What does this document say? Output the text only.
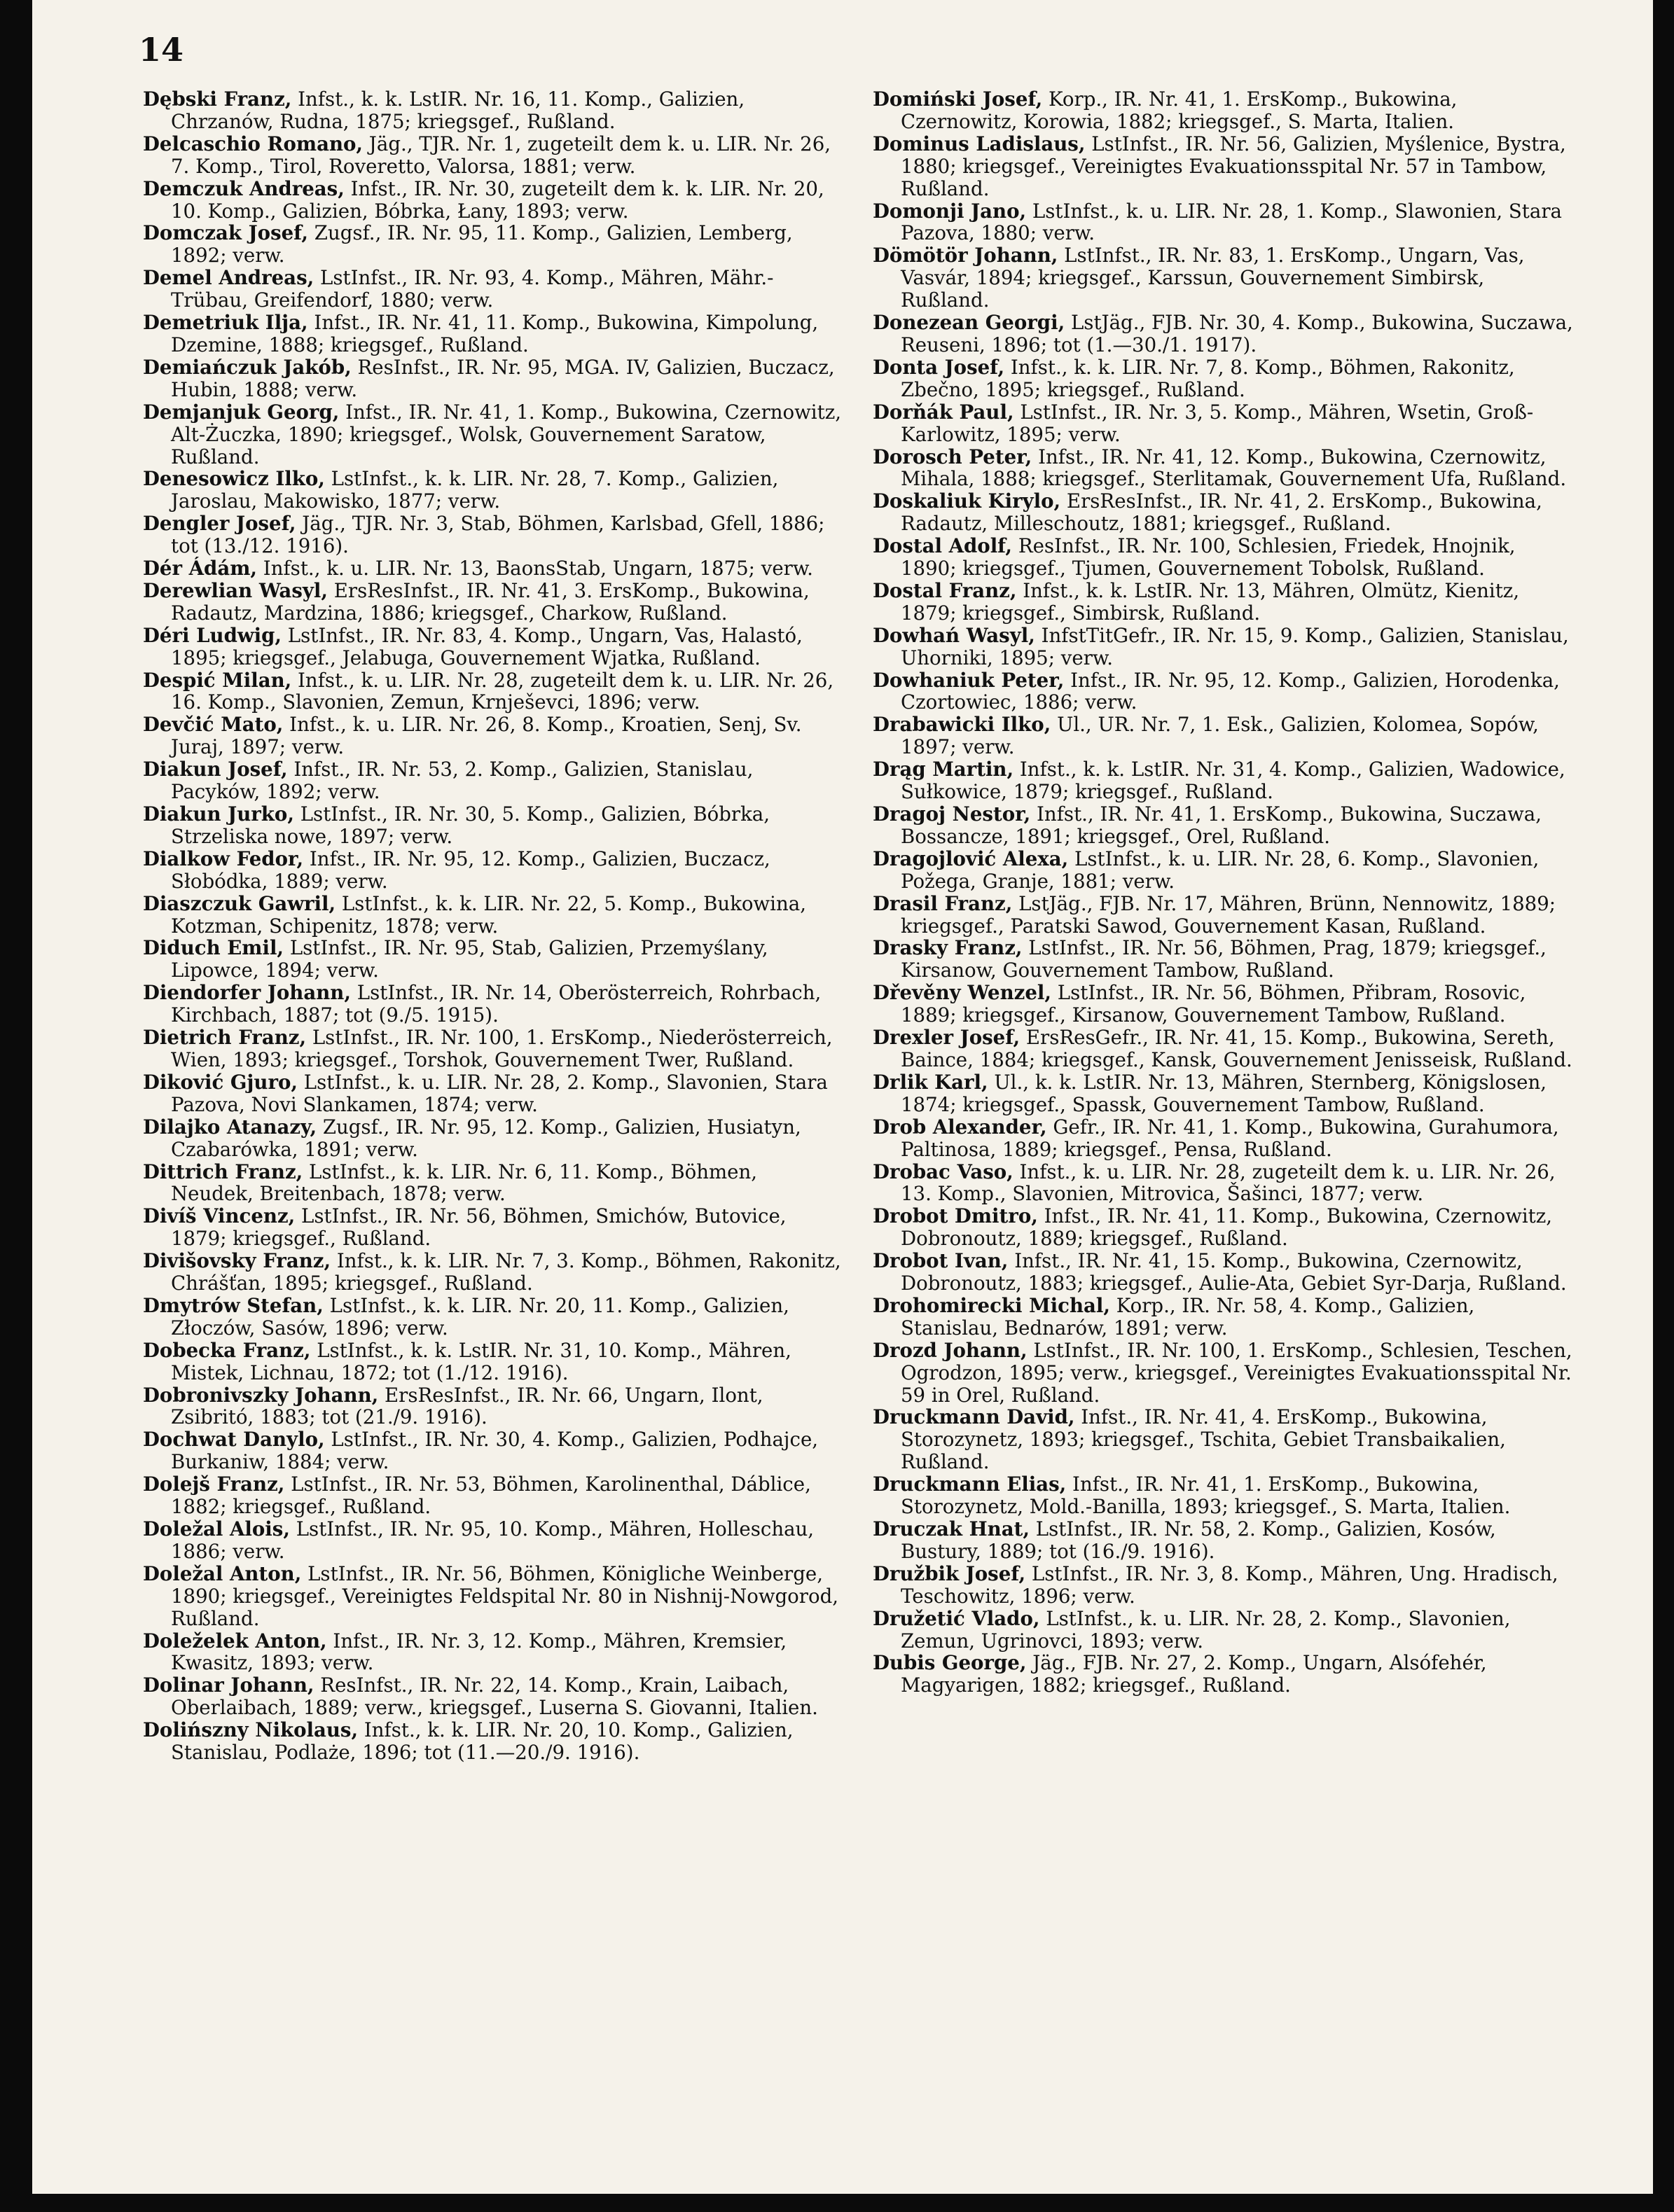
14

Dębski Franz, Infst., k. k. LstIR. Nr. 16, 11. Komp., Galizien, Chrzanów, Rudna, 1875; kriegsgef., Rußland.

Delcaschio Romano, Jäg., TJR. Nr. 1, zugeteilt dem k. u. LIR. Nr. 26, 7. Komp., Tirol, Roveretto, Valorsa, 1881; verw.

Demczuk Andreas, Infst., IR. Nr. 30, zugeteilt dem k. k. LIR. Nr. 20, 10. Komp., Galizien, Bóbrka, Łany, 1893; verw.

Domczak Josef, Zugsf., IR. Nr. 95, 11. Komp., Galizien, Lemberg, 1892; verw.

Demel Andreas, LstInfst., IR. Nr. 93, 4. Komp., Mähren, Mähr.-Trübau, Greifendorf, 1880; verw.

Demetriuk Ilja, Infst., IR. Nr. 41, 11. Komp., Bukowina, Kimpolung, Dzemine, 1888; kriegsgef., Rußland.

Demiańczuk Jakób, ResInfst., IR. Nr. 95, MGA. IV, Galizien, Buczacz, Hubin, 1888; verw.

Demjanjuk Georg, Infst., IR. Nr. 41, 1. Komp., Bukowina, Czernowitz, Alt-Żuczka, 1890; kriegsgef., Wolsk, Gouvernement Saratow, Rußland.

Denesowicz Ilko, LstInfst., k. k. LIR. Nr. 28, 7. Komp., Galizien, Jaroslau, Makowisko, 1877; verw.

Dengler Josef, Jäg., TJR. Nr. 3, Stab, Böhmen, Karlsbad, Gfell, 1886; tot (13./12. 1916).

Dér Ádám, Infst., k. u. LIR. Nr. 13, BaonsStab, Ungarn, 1875; verw.

Derewlian Wasyl, ErsResInfst., IR. Nr. 41, 3. ErsKomp., Bukowina, Radautz, Mardzina, 1886; kriegsgef., Charkow, Rußland.

Déri Ludwig, LstInfst., IR. Nr. 83, 4. Komp., Ungarn, Vas, Halastó, 1895; kriegsgef., Jelabuga, Gouvernement Wjatka, Rußland.

Despić Milan, Infst., k. u. LIR. Nr. 28, zugeteilt dem k. u. LIR. Nr. 26, 16. Komp., Slavonien, Zemun, Krnješevci, 1896; verw.

Devčić Mato, Infst., k. u. LIR. Nr. 26, 8. Komp., Kroatien, Senj, Sv. Juraj, 1897; verw.

Diakun Josef, Infst., IR. Nr. 53, 2. Komp., Galizien, Stanislau, Pacyków, 1892; verw.

Diakun Jurko, LstInfst., IR. Nr. 30, 5. Komp., Galizien, Bóbrka, Strzeliska nowe, 1897; verw.

Dialkow Fedor, Infst., IR. Nr. 95, 12. Komp., Galizien, Buczacz, Słobódka, 1889; verw.

Diaszczuk Gawril, LstInfst., k. k. LIR. Nr. 22, 5. Komp., Bukowina, Kotzman, Schipenitz, 1878; verw.

Diduch Emil, LstInfst., IR. Nr. 95, Stab, Galizien, Przemyślany, Lipowce, 1894; verw.

Diendorfer Johann, LstInfst., IR. Nr. 14, Oberösterreich, Rohrbach, Kirchbach, 1887; tot (9./5. 1915).

Dietrich Franz, LstInfst., IR. Nr. 100, 1. ErsKomp., Niederösterreich, Wien, 1893; kriegsgef., Torshok, Gouvernement Twer, Rußland.

Diković Gjuro, LstInfst., k. u. LIR. Nr. 28, 2. Komp., Slavonien, Stara Pazova, Novi Slankamen, 1874; verw.

Dilajko Atanazy, Zugsf., IR. Nr. 95, 12. Komp., Galizien, Husiatyn, Czabarówka, 1891; verw.

Dittrich Franz, LstInfst., k. k. LIR. Nr. 6, 11. Komp., Böhmen, Neudek, Breitenbach, 1878; verw.

Divíš Vincenz, LstInfst., IR. Nr. 56, Böhmen, Smichów, Butovice, 1879; kriegsgef., Rußland.

Divišovsky Franz, Infst., k. k. LIR. Nr. 7, 3. Komp., Böhmen, Rakonitz, Chrášťan, 1895; kriegsgef., Rußland.

Dmytrów Stefan, LstInfst., k. k. LIR. Nr. 20, 11. Komp., Galizien, Złoczów, Sasów, 1896; verw.

Dobecka Franz, LstInfst., k. k. LstIR. Nr. 31, 10. Komp., Mähren, Mistek, Lichnau, 1872; tot (1./12. 1916).

Dobronivszky Johann, ErsResInfst., IR. Nr. 66, Ungarn, Ilont, Zsibritó, 1883; tot (21./9. 1916).

Dochwat Danylo, LstInfst., IR. Nr. 30, 4. Komp., Galizien, Podhajce, Burkaniw, 1884; verw.

Dolejš Franz, LstInfst., IR. Nr. 53, Böhmen, Karolinenthal, Dáblice, 1882; kriegsgef., Rußland.

Doležal Alois, LstInfst., IR. Nr. 95, 10. Komp., Mähren, Holleschau, 1886; verw.

Doležal Anton, LstInfst., IR. Nr. 56, Böhmen, Königliche Weinberge, 1890; kriegsgef., Vereinigtes Feldspital Nr. 80 in Nishnij-Nowgorod, Rußland.

Doleželek Anton, Infst., IR. Nr. 3, 12. Komp., Mähren, Kremsier, Kwasitz, 1893; verw.

Dolinar Johann, ResInfst., IR. Nr. 22, 14. Komp., Krain, Laibach, Oberlaibach, 1889; verw., kriegsgef., Luserna S. Giovanni, Italien.

Dolińszny Nikolaus, Infst., k. k. LIR. Nr. 20, 10. Komp., Galizien, Stanislau, Podlaże, 1896; tot (11.—20./9. 1916).

Domiński Josef, Korp., IR. Nr. 41, 1. ErsKomp., Bukowina, Czernowitz, Korowia, 1882; kriegsgef., S. Marta, Italien.

Dominus Ladislaus, LstInfst., IR. Nr. 56, Galizien, Myślenice, Bystra, 1880; kriegsgef., Vereinigtes Evakuationsspital Nr. 57 in Tambow, Rußland.

Domonji Jano, LstInfst., k. u. LIR. Nr. 28, 1. Komp., Slawonien, Stara Pazova, 1880; verw.

Dömötör Johann, LstInfst., IR. Nr. 83, 1. ErsKomp., Ungarn, Vas, Vasvár, 1894; kriegsgef., Karssun, Gouvernement Simbirsk, Rußland.

Donezean Georgi, LstJäg., FJB. Nr. 30, 4. Komp., Bukowina, Suczawa, Reuseni, 1896; tot (1.—30./1. 1917).

Donta Josef, Infst., k. k. LIR. Nr. 7, 8. Komp., Böhmen, Rakonitz, Zbečno, 1895; kriegsgef., Rußland.

Dorňák Paul, LstInfst., IR. Nr. 3, 5. Komp., Mähren, Wsetin, Groß-Karlowitz, 1895; verw.

Dorosch Peter, Infst., IR. Nr. 41, 12. Komp., Bukowina, Czernowitz, Mihala, 1888; kriegsgef., Sterlitamak, Gouvernement Ufa, Rußland.

Doskaliuk Kirylo, ErsResInfst., IR. Nr. 41, 2. ErsKomp., Bukowina, Radautz, Milleschoutz, 1881; kriegsgef., Rußland.

Dostal Adolf, ResInfst., IR. Nr. 100, Schlesien, Friedek, Hnojnik, 1890; kriegsgef., Tjumen, Gouvernement Tobolsk, Rußland.

Dostal Franz, Infst., k. k. LstIR. Nr. 13, Mähren, Olmütz, Kienitz, 1879; kriegsgef., Simbirsk, Rußland.

Dowhań Wasyl, InfstTitGefr., IR. Nr. 15, 9. Komp., Galizien, Stanislau, Uhorniki, 1895; verw.

Dowhaniuk Peter, Infst., IR. Nr. 95, 12. Komp., Galizien, Horodenka, Czortowiec, 1886; verw.

Drabawicki Ilko, Ul., UR. Nr. 7, 1. Esk., Galizien, Kolomea, Sopów, 1897; verw.

Drąg Martin, Infst., k. k. LstIR. Nr. 31, 4. Komp., Galizien, Wadowice, Sułkowice, 1879; kriegsgef., Rußland.

Dragoj Nestor, Infst., IR. Nr. 41, 1. ErsKomp., Bukowina, Suczawa, Bossancze, 1891; kriegsgef., Orel, Rußland.

Dragojlović Alexa, LstInfst., k. u. LIR. Nr. 28, 6. Komp., Slavonien, Požega, Granje, 1881; verw.

Drasil Franz, LstJäg., FJB. Nr. 17, Mähren, Brünn, Nennowitz, 1889; kriegsgef., Paratski Sawod, Gouvernement Kasan, Rußland.

Drasky Franz, LstInfst., IR. Nr. 56, Böhmen, Prag, 1879; kriegsgef., Kirsanow, Gouvernement Tambow, Rußland.

Dřevěny Wenzel, LstInfst., IR. Nr. 56, Böhmen, Přibram, Rosovic, 1889; kriegsgef., Kirsanow, Gouvernement Tambow, Rußland.

Drexler Josef, ErsResGefr., IR. Nr. 41, 15. Komp., Bukowina, Sereth, Baince, 1884; kriegsgef., Kansk, Gouvernement Jenisseisk, Rußland.

Drlik Karl, Ul., k. k. LstIR. Nr. 13, Mähren, Sternberg, Königslosen, 1874; kriegsgef., Spassk, Gouvernement Tambow, Rußland.

Drob Alexander, Gefr., IR. Nr. 41, 1. Komp., Bukowina, Gurahumora, Paltinosa, 1889; kriegsgef., Pensa, Rußland.

Drobac Vaso, Infst., k. u. LIR. Nr. 28, zugeteilt dem k. u. LIR. Nr. 26, 13. Komp., Slavonien, Mitrovica, Šašinci, 1877; verw.

Drobot Dmitro, Infst., IR. Nr. 41, 11. Komp., Bukowina, Czernowitz, Dobronoutz, 1889; kriegsgef., Rußland.

Drobot Ivan, Infst., IR. Nr. 41, 15. Komp., Bukowina, Czernowitz, Dobronoutz, 1883; kriegsgef., Aulie-Ata, Gebiet Syr-Darja, Rußland.

Drohomirecki Michal, Korp., IR. Nr. 58, 4. Komp., Galizien, Stanislau, Bednarów, 1891; verw.

Drozd Johann, LstInfst., IR. Nr. 100, 1. ErsKomp., Schlesien, Teschen, Ogrodzon, 1895; verw., kriegsgef., Vereinigtes Evakuationsspital Nr. 59 in Orel, Rußland.

Druckmann David, Infst., IR. Nr. 41, 4. ErsKomp., Bukowina, Storozynetz, 1893; kriegsgef., Tschita, Gebiet Transbaikalien, Rußland.

Druckmann Elias, Infst., IR. Nr. 41, 1. ErsKomp., Bukowina, Storozynetz, Mold.-Banilla, 1893; kriegsgef., S. Marta, Italien.

Druczak Hnat, LstInfst., IR. Nr. 58, 2. Komp., Galizien, Kosów, Bustury, 1889; tot (16./9. 1916).

Družbik Josef, LstInfst., IR. Nr. 3, 8. Komp., Mähren, Ung. Hradisch, Teschowitz, 1896; verw.

Družetić Vlado, LstInfst., k. u. LIR. Nr. 28, 2. Komp., Slavonien, Zemun, Ugrinovci, 1893; verw.

Dubis George, Jäg., FJB. Nr. 27, 2. Komp., Ungarn, Alsófehér, Magyarigen, 1882; kriegsgef., Rußland.
